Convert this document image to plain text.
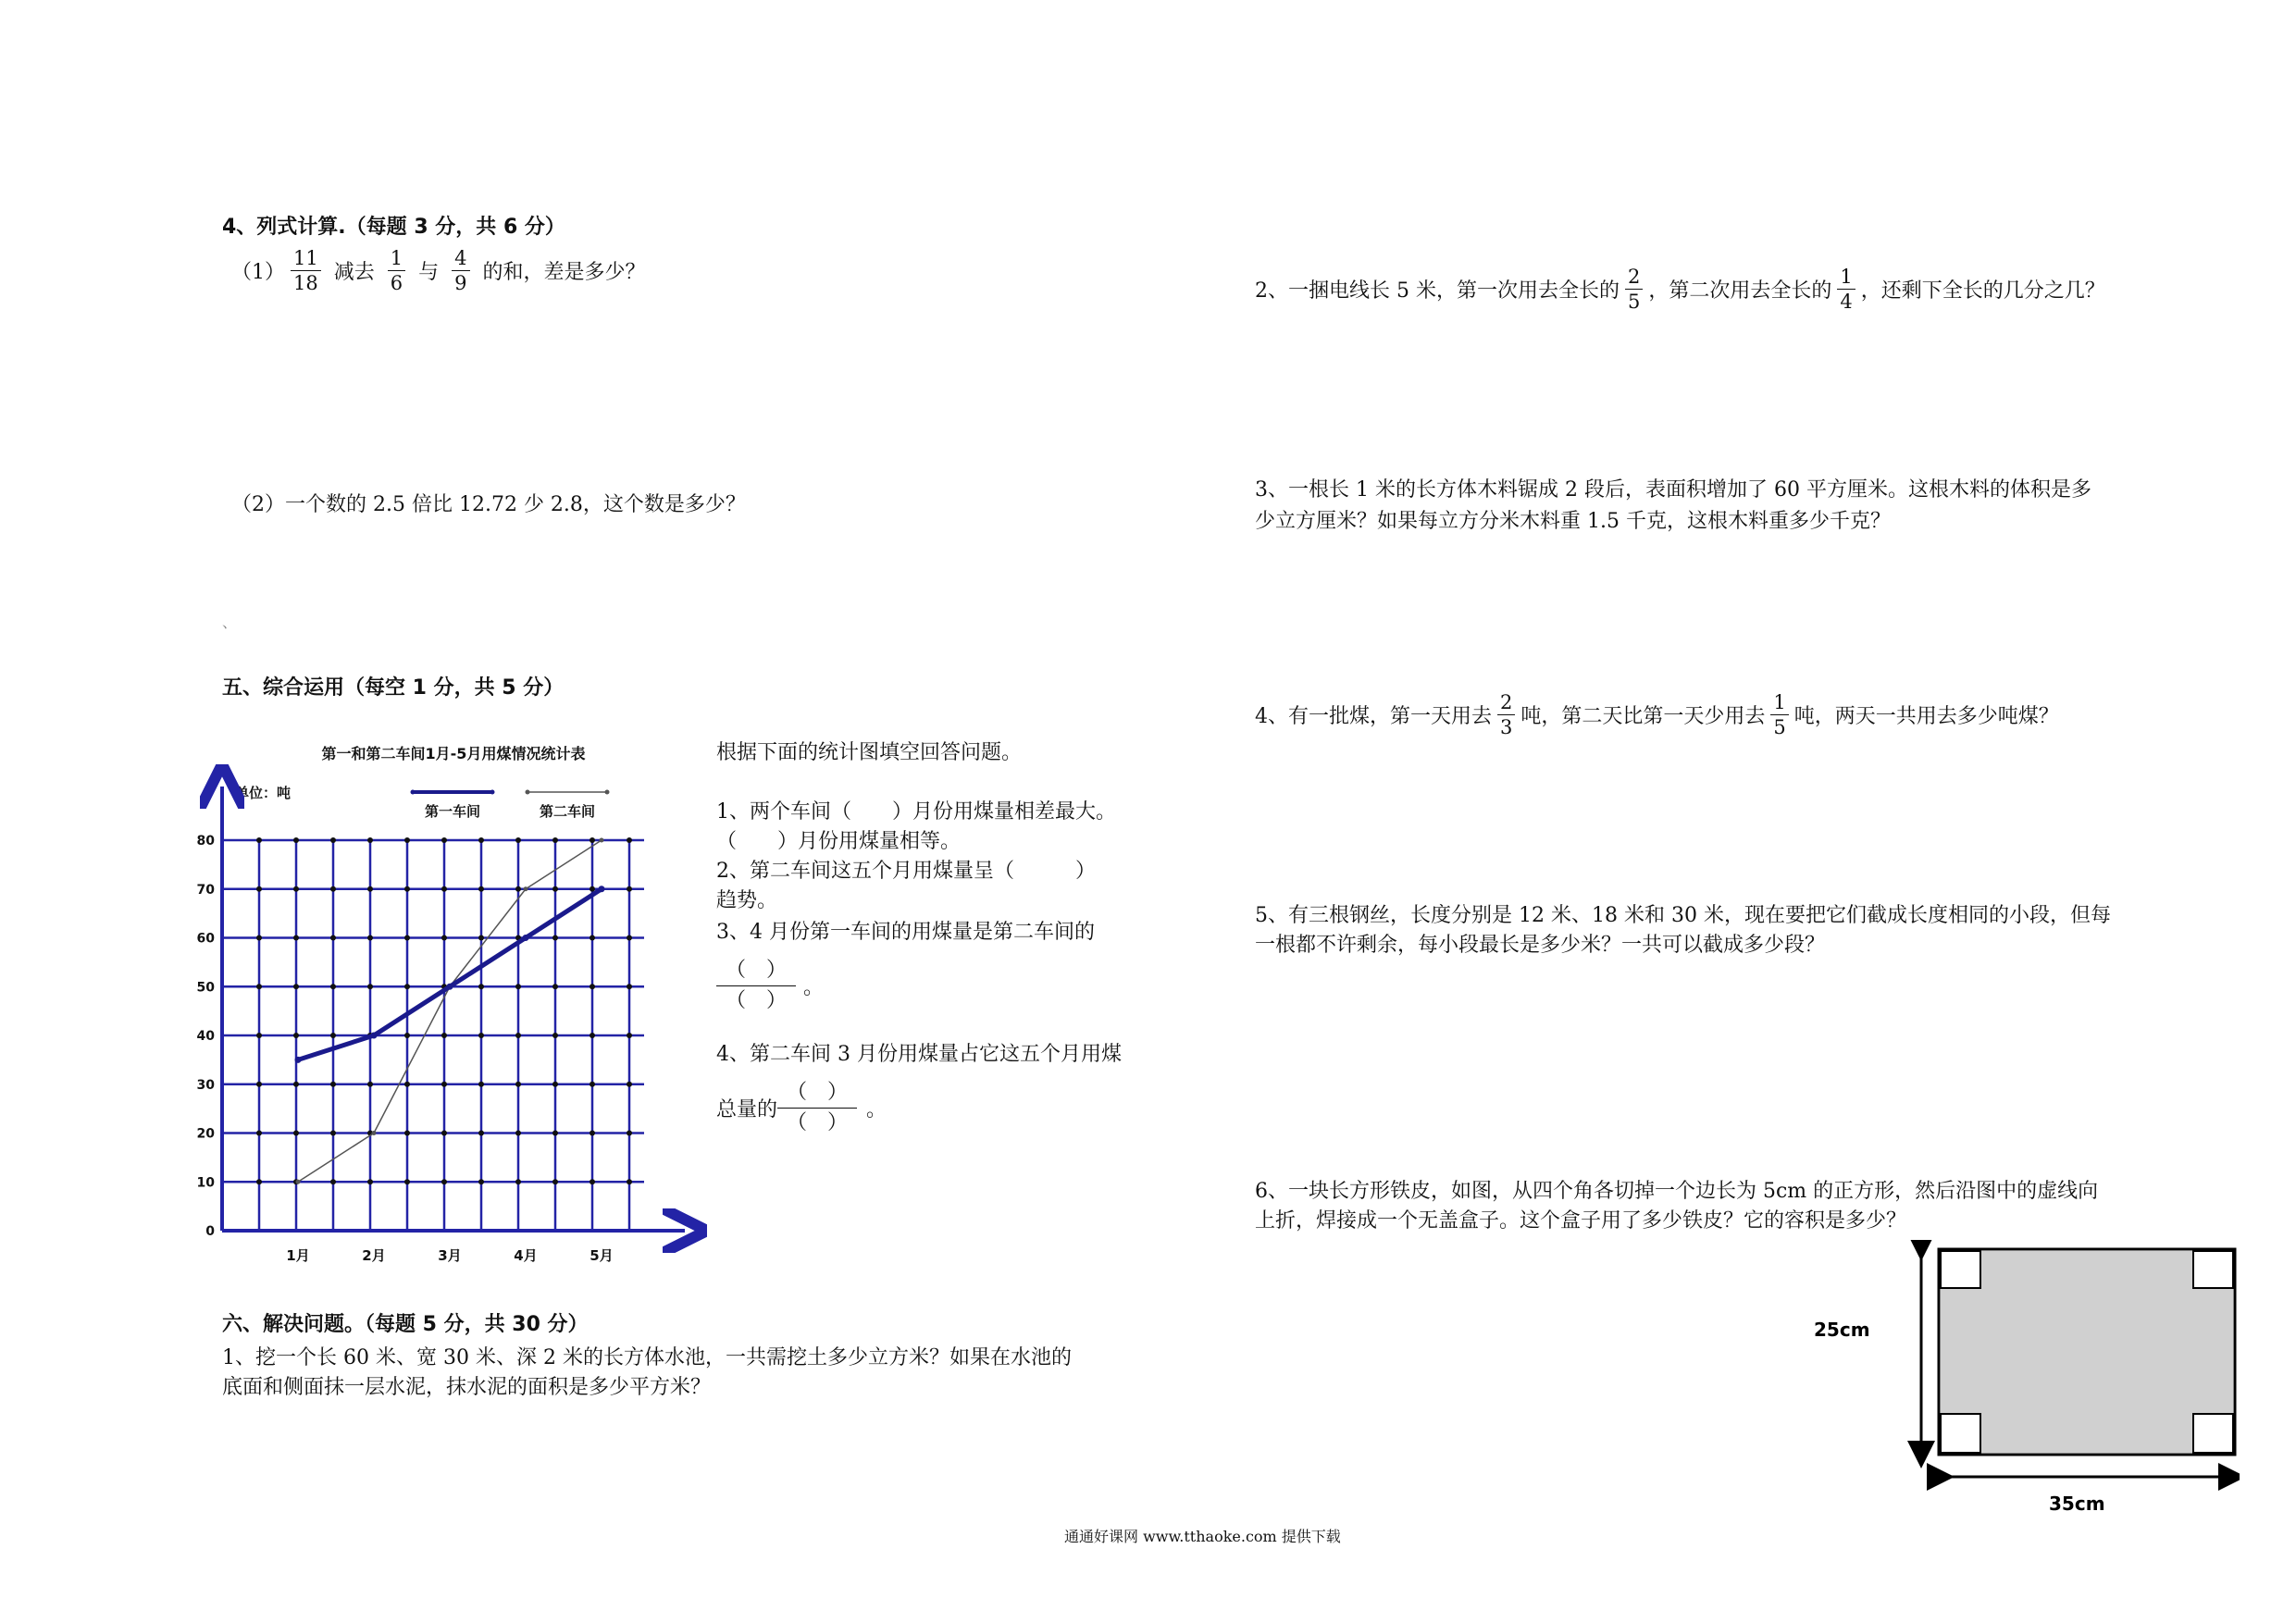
4、列式计算.（每题 3 分，共 6 分）
$(1) \frac{11}{18}$ 减去 $\frac{1}{6}$ 与 $\frac{4}{9}$ 的和，差是多少？
（2）一个数的 2.5 倍比 12.72 少 2.8，这个数是多少？
、
五、综合运用（每空 1 分，共 5 分）
第一和第二车间1月-5月用煤情况统计表
单位：吨
第一车间	第二车间
0
10
20
30
40
50
60
70
80
1月	2月	3月	4月	5月
根据下面的统计图填空回答问题。
1、两个车间（　　）月份用煤量相差最大。
（　　）月份用煤量相等。
2、第二车间这五个月用煤量呈（　　　）
趋势。
3、4 月份第一车间的用煤量是第二车间的
$\frac{( )}{( )}$ 。
4、第二车间 3 月份用煤量占它这五个月用煤
总量的 $\frac{( )}{( )}$ 。
六、解决问题。（每题 5 分，共 30 分）
1、挖一个长 60 米、宽 30 米、深 2 米的长方体水池，一共需挖土多少立方米？如果在水池的
底面和侧面抹一层水泥，抹水泥的面积是多少平方米？
2、一捆电线长 5 米，第一次用去全长的 $\frac{2}{5}$ ，第二次用去全长的 $\frac{1}{4}$ ，还剩下全长的几分之几？
3、一根长 1 米的长方体木料锯成 2 段后，表面积增加了 60 平方厘米。这根木料的体积是多
少立方厘米？如果每立方分米木料重 1.5 千克，这根木料重多少千克？
4、有一批煤，第一天用去 $\frac{2}{3}$ 吨，第二天比第一天少用去 $\frac{1}{5}$ 吨，两天一共用去多少吨煤？
5、有三根钢丝，长度分别是 12 米、18 米和 30 米，现在要把它们截成长度相同的小段，但每
一根都不许剩余，每小段最长是多少米？一共可以截成多少段？
6、一块长方形铁皮，如图，从四个角各切掉一个边长为 5cm 的正方形，然后沿图中的虚线向
上折，焊接成一个无盖盒子。这个盒子用了多少铁皮？它的容积是多少？
25cm
35cm
通通好课网 www.tthaoke.com 提供下载
